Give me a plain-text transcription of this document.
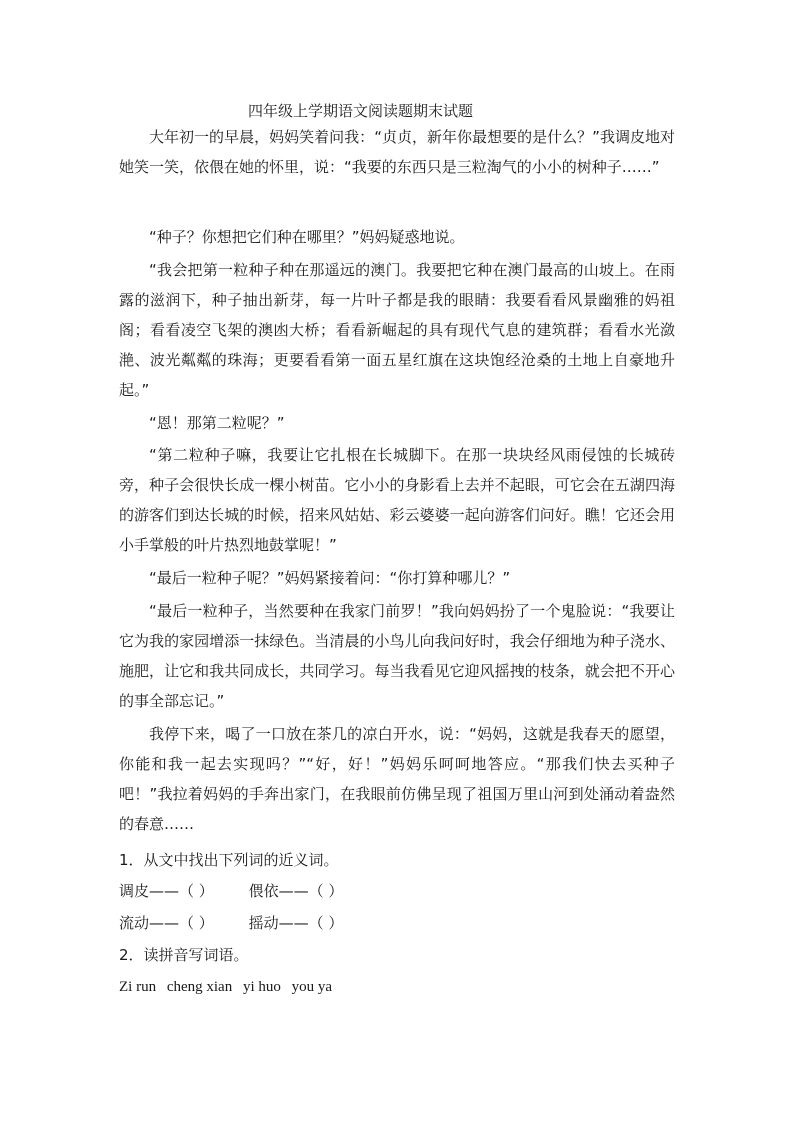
四年级上学期语文阅读题期末试题

大年初一的早晨，妈妈笑着问我：“贞贞，新年你最想要的是什么？”我调皮地对她笑一笑，依偎在她的怀里，说：“我要的东西只是三粒淘气的小小的树种子……”

“种子？你想把它们种在哪里？”妈妈疑惑地说。

“我会把第一粒种子种在那遥远的澳门。我要把它种在澳门最高的山坡上。在雨露的滋润下，种子抽出新芽，每一片叶子都是我的眼睛：我要看看风景幽雅的妈祖阁；看看凌空飞架的澳凼大桥；看看新崛起的具有现代气息的建筑群；看看水光潋滟、波光粼粼的珠海；更要看看第一面五星红旗在这块饱经沧桑的土地上自豪地升起。”

“恩！那第二粒呢？”

“第二粒种子嘛，我要让它扎根在长城脚下。在那一块块经风雨侵蚀的长城砖旁，种子会很快长成一棵小树苗。它小小的身影看上去并不起眼，可它会在五湖四海的游客们到达长城的时候，招来风姑姑、彩云婆婆一起向游客们问好。瞧！它还会用小手掌般的叶片热烈地鼓掌呢！”

“最后一粒种子呢？”妈妈紧接着问：“你打算种哪儿？”

“最后一粒种子，当然要种在我家门前罗！”我向妈妈扮了一个鬼脸说：“我要让它为我的家园增添一抹绿色。当清晨的小鸟儿向我问好时，我会仔细地为种子浇水、施肥，让它和我共同成长，共同学习。每当我看见它迎风摇拽的枝条，就会把不开心的事全部忘记。”

我停下来，喝了一口放在茶几的凉白开水，说：“妈妈，这就是我春天的愿望，你能和我一起去实现吗？”“好，好！”妈妈乐呵呵地答应。“那我们快去买种子吧！”我拉着妈妈的手奔出家门，在我眼前仿佛呈现了祖国万里山河到处涌动着盎然的春意……

1．从文中找出下列词的近义词。

调皮——（ ） 偎依——（ ）
流动——（ ） 摇动——（ ）

2．读拼音写词语。

Zi run cheng xian yi huo you ya
